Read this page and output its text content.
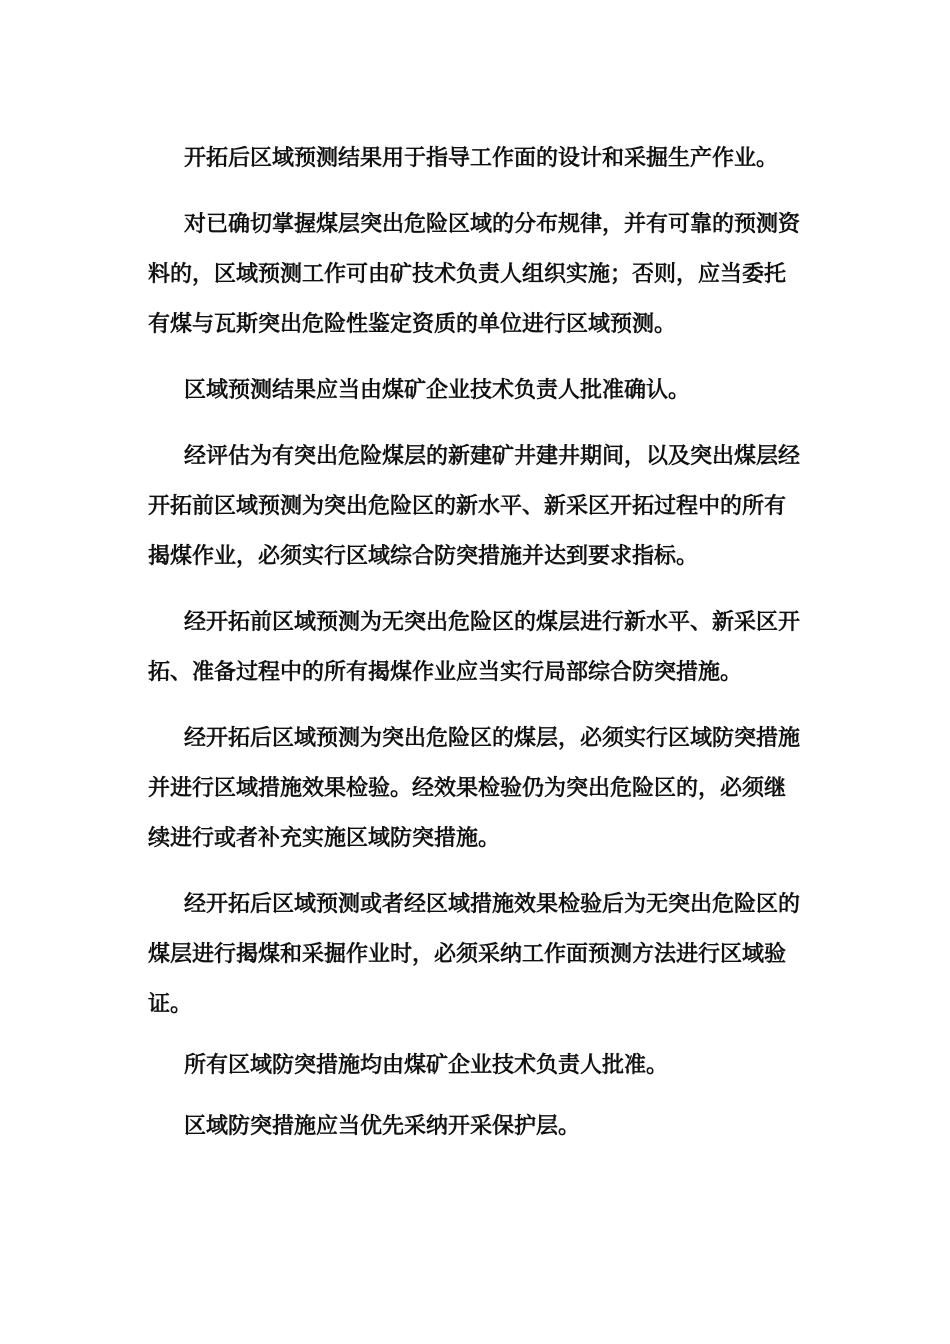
开拓后区域预测结果用于指导工作面的设计和采掘生产作业。

对已确切掌握煤层突出危险区域的分布规律，并有可靠的预测资料的，区域预测工作可由矿技术负责人组织实施；否则，应当委托有煤与瓦斯突出危险性鉴定资质的单位进行区域预测。

区域预测结果应当由煤矿企业技术负责人批准确认。

经评估为有突出危险煤层的新建矿井建井期间，以及突出煤层经开拓前区域预测为突出危险区的新水平、新采区开拓过程中的所有揭煤作业，必须实行区域综合防突措施并达到要求指标。

经开拓前区域预测为无突出危险区的煤层进行新水平、新采区开拓、准备过程中的所有揭煤作业应当实行局部综合防突措施。

经开拓后区域预测为突出危险区的煤层，必须实行区域防突措施并进行区域措施效果检验。经效果检验仍为突出危险区的，必须继续进行或者补充实施区域防突措施。

经开拓后区域预测或者经区域措施效果检验后为无突出危险区的煤层进行揭煤和采掘作业时，必须采纳工作面预测方法进行区域验证。

所有区域防突措施均由煤矿企业技术负责人批准。

区域防突措施应当优先采纳开采保护层。
